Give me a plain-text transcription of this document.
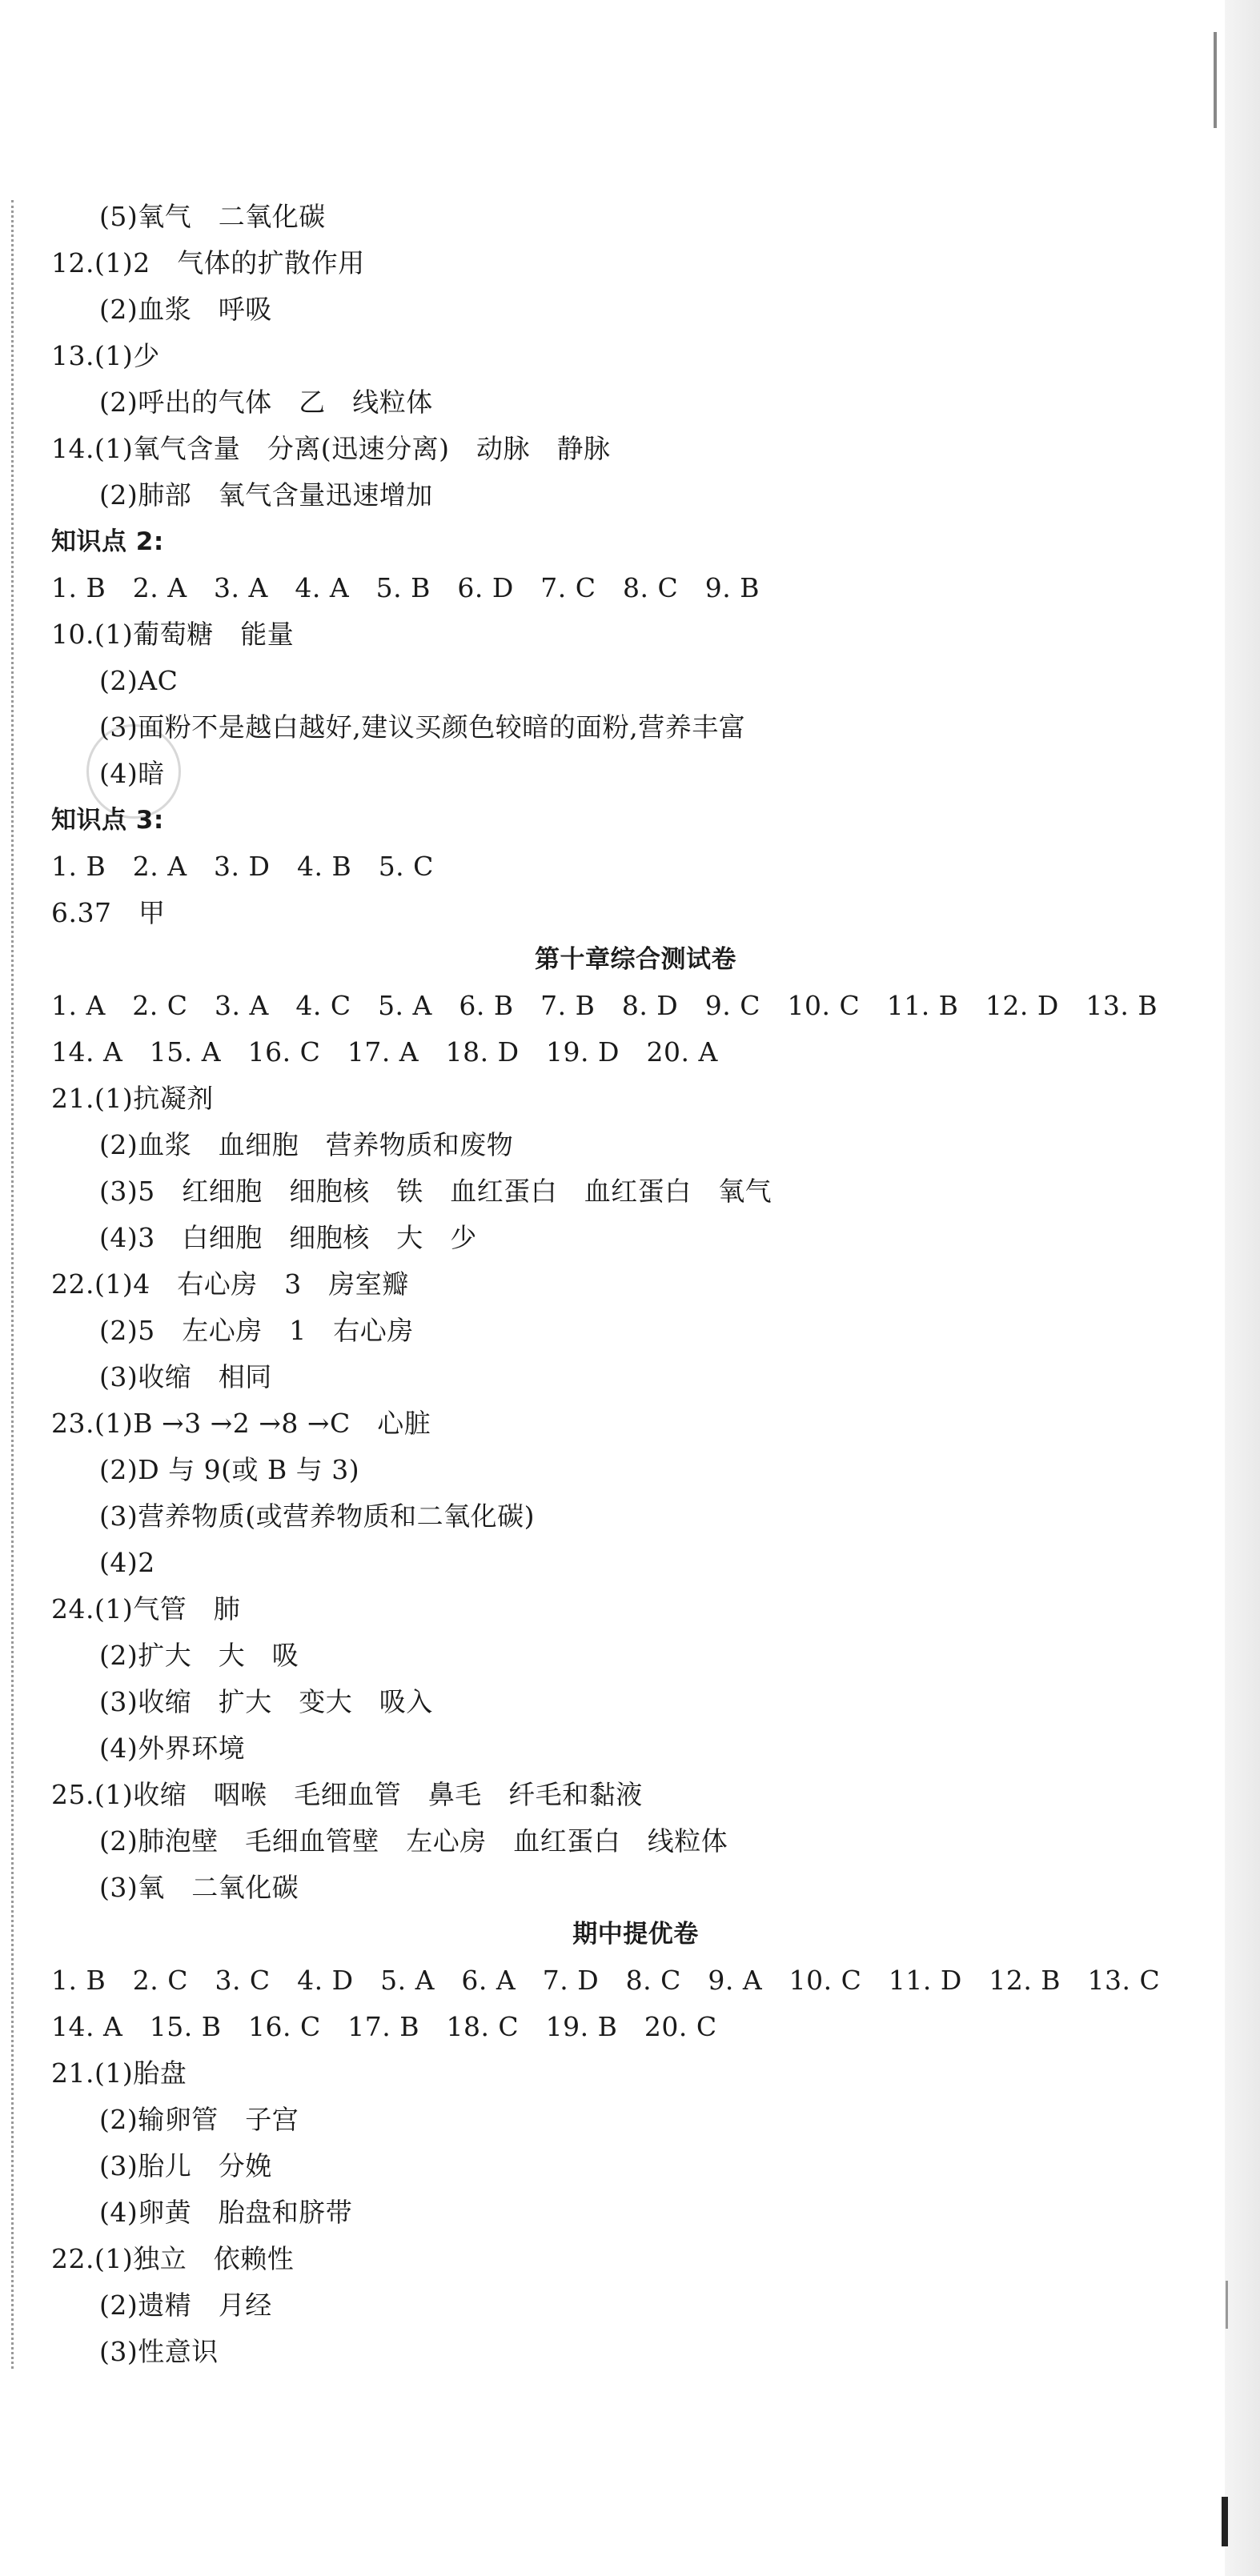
(5)氧气　二氧化碳
12.(1)2　气体的扩散作用
(2)血浆　呼吸
13.(1)少
(2)呼出的气体　乙　线粒体
14.(1)氧气含量　分离(迅速分离)　动脉　静脉
(2)肺部　氧气含量迅速增加
知识点 2:
1. B　2. A　3. A　4. A　5. B　6. D　7. C　8. C　9. B
10.(1)葡萄糖　能量
(2)AC
(3)面粉不是越白越好,建议买颜色较暗的面粉,营养丰富
(4)暗
知识点 3:
1. B　2. A　3. D　4. B　5. C
6.37　甲
第十章综合测试卷
1. A　2. C　3. A　4. C　5. A　6. B　7. B　8. D　9. C　10. C　11. B　12. D　13. B
14. A　15. A　16. C　17. A　18. D　19. D　20. A
21.(1)抗凝剂
(2)血浆　血细胞　营养物质和废物
(3)5　红细胞　细胞核　铁　血红蛋白　血红蛋白　氧气
(4)3　白细胞　细胞核　大　少
22.(1)4　右心房　3　房室瓣
(2)5　左心房　1　右心房
(3)收缩　相同
23.(1)B →3 →2 →8 →C　心脏
(2)D 与 9(或 B 与 3)
(3)营养物质(或营养物质和二氧化碳)
(4)2
24.(1)气管　肺
(2)扩大　大　吸
(3)收缩　扩大　变大　吸入
(4)外界环境
25.(1)收缩　咽喉　毛细血管　鼻毛　纤毛和黏液
(2)肺泡壁　毛细血管壁　左心房　血红蛋白　线粒体
(3)氧　二氧化碳
期中提优卷
1. B　2. C　3. C　4. D　5. A　6. A　7. D　8. C　9. A　10. C　11. D　12. B　13. C
14. A　15. B　16. C　17. B　18. C　19. B　20. C
21.(1)胎盘
(2)输卵管　子宫
(3)胎儿　分娩
(4)卵黄　胎盘和脐带
22.(1)独立　依赖性
(2)遗精　月经
(3)性意识
